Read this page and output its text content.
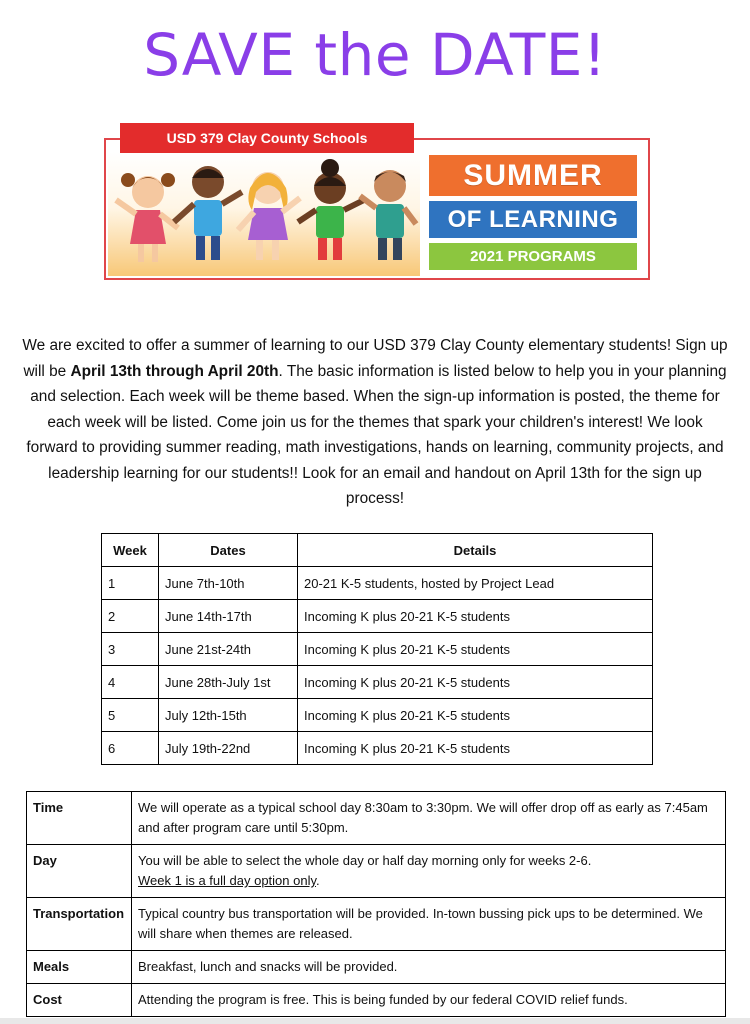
SAVE the DATE!
USD 379 Clay County Schools
SUMMER
OF LEARNING
2021 PROGRAMS
We are excited to offer a summer of learning to our USD 379 Clay County elementary students! Sign up will be April 13th through April 20th. The basic information is listed below to help you in your planning and selection. Each week will be theme based. When the sign-up information is posted, the theme for each week will be listed. Come join us for the themes that spark your children's interest! We look forward to providing summer reading, math investigations, hands on learning, community projects, and leadership learning for our students!! Look for an email and handout on April 13th for the sign up process!
Week	Dates	Details
1	June 7th-10th	20-21 K-5 students, hosted by Project Lead
2	June 14th-17th	Incoming K plus 20-21 K-5 students
3	June 21st-24th	Incoming K plus 20-21 K-5 students
4	June 28th-July 1st	Incoming K plus 20-21 K-5 students
5	July 12th-15th	Incoming K plus 20-21 K-5 students
6	July 19th-22nd	Incoming K plus 20-21 K-5 students
Time	We will operate as a typical school day 8:30am to 3:30pm. We will offer drop off as early as 7:45am and after program care until 5:30pm.
Day	You will be able to select the whole day or half day morning only for weeks 2-6.
Week 1 is a full day option only.
Transportation	Typical country bus transportation will be provided. In-town bussing pick ups to be determined. We will share when themes are released.
Meals	Breakfast, lunch and snacks will be provided.
Cost	Attending the program is free. This is being funded by our federal COVID relief funds.
